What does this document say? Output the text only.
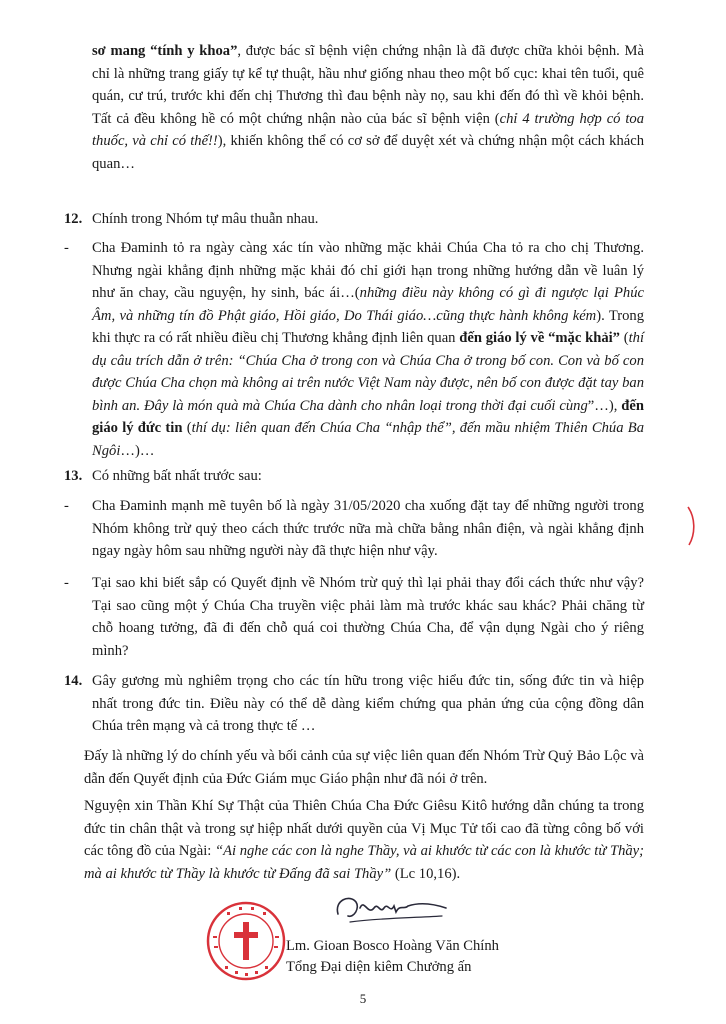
sơ mang “tính y khoa”, được bác sĩ bệnh viện chứng nhận là đã được chữa khỏi bệnh. Mà chỉ là những trang giấy tự kể tự thuật, hầu như giống nhau theo một bố cục: khai tên tuổi, quê quán, cư trú, trước khi đến chị Thương thì đau bệnh này nọ, sau khi đến đó thì về khỏi bệnh. Tất cả đều không hề có một chứng nhận nào của bác sĩ bệnh viện (chỉ 4 trường hợp có toa thuốc, và chỉ có thế!!), khiến không thể có cơ sở để duyệt xét và chứng nhận một cách khách quan…

12. Chính trong Nhóm tự mâu thuẫn nhau.

- Cha Đaminh tỏ ra ngày càng xác tín vào những mặc khải Chúa Cha tỏ ra cho chị Thương. Nhưng ngài khẳng định những mặc khải đó chỉ giới hạn trong những hướng dẫn về luân lý như ăn chay, cầu nguyện, hy sinh, bác ái…(những điều này không có gì đi ngược lại Phúc Âm, và những tín đồ Phật giáo, Hồi giáo, Do Thái giáo…cũng thực hành không kém). Trong khi thực ra có rất nhiều điều chị Thương khẳng định liên quan đến giáo lý về “mặc khải” (thí dụ câu trích dẫn ở trên: “Chúa Cha ở trong con và Chúa Cha ở trong bố con. Con và bố con được Chúa Cha chọn mà không ai trên nước Việt Nam này được, nên bố con được đặt tay ban bình an. Đây là món quà mà Chúa Cha dành cho nhân loại trong thời đại cuối cùng”…), đến giáo lý đức tin (thí dụ: liên quan đến Chúa Cha “nhập thể”, đến mầu nhiệm Thiên Chúa Ba Ngôi…)…

13. Có những bất nhất trước sau:

- Cha Đaminh mạnh mẽ tuyên bố là ngày 31/05/2020 cha xuống đặt tay để những người trong Nhóm không trừ quỷ theo cách thức trước nữa mà chữa bằng nhân điện, và ngài khẳng định ngay ngày hôm sau những người này đã thực hiện như vậy.

- Tại sao khi biết sắp có Quyết định về Nhóm trừ quỷ thì lại phải thay đổi cách thức như vậy? Tại sao cũng một ý Chúa Cha truyền việc phải làm mà trước khác sau khác? Phải chăng từ chỗ hoang tưởng, đã đi đến chỗ quá coi thường Chúa Cha, để vận dụng Ngài cho ý riêng mình?

14. Gây gương mù nghiêm trọng cho các tín hữu trong việc hiểu đức tin, sống đức tin và hiệp nhất trong đức tin. Điều này có thể dễ dàng kiểm chứng qua phản ứng của cộng đồng dân Chúa trên mạng và cả trong thực tế …

Đấy là những lý do chính yếu và bối cảnh của sự việc liên quan đến Nhóm Trừ Quỷ Bảo Lộc và dẫn đến Quyết định của Đức Giám mục Giáo phận như đã nói ở trên.

Nguyện xin Thần Khí Sự Thật của Thiên Chúa Cha Đức Giêsu Kitô hướng dẫn chúng ta trong đức tin chân thật và trong sự hiệp nhất dưới quyền của Vị Mục Tử tối cao đã từng công bố với các tông đồ của Ngài: “Ai nghe các con là nghe Thầy, và ai khước từ các con là khước từ Thầy; mà ai khước từ Thầy là khước từ Đấng đã sai Thầy” (Lc 10,16).

Lm. Gioan Bosco Hoàng Văn Chính

Tổng Đại diện kiêm Chưởng ấn

5
